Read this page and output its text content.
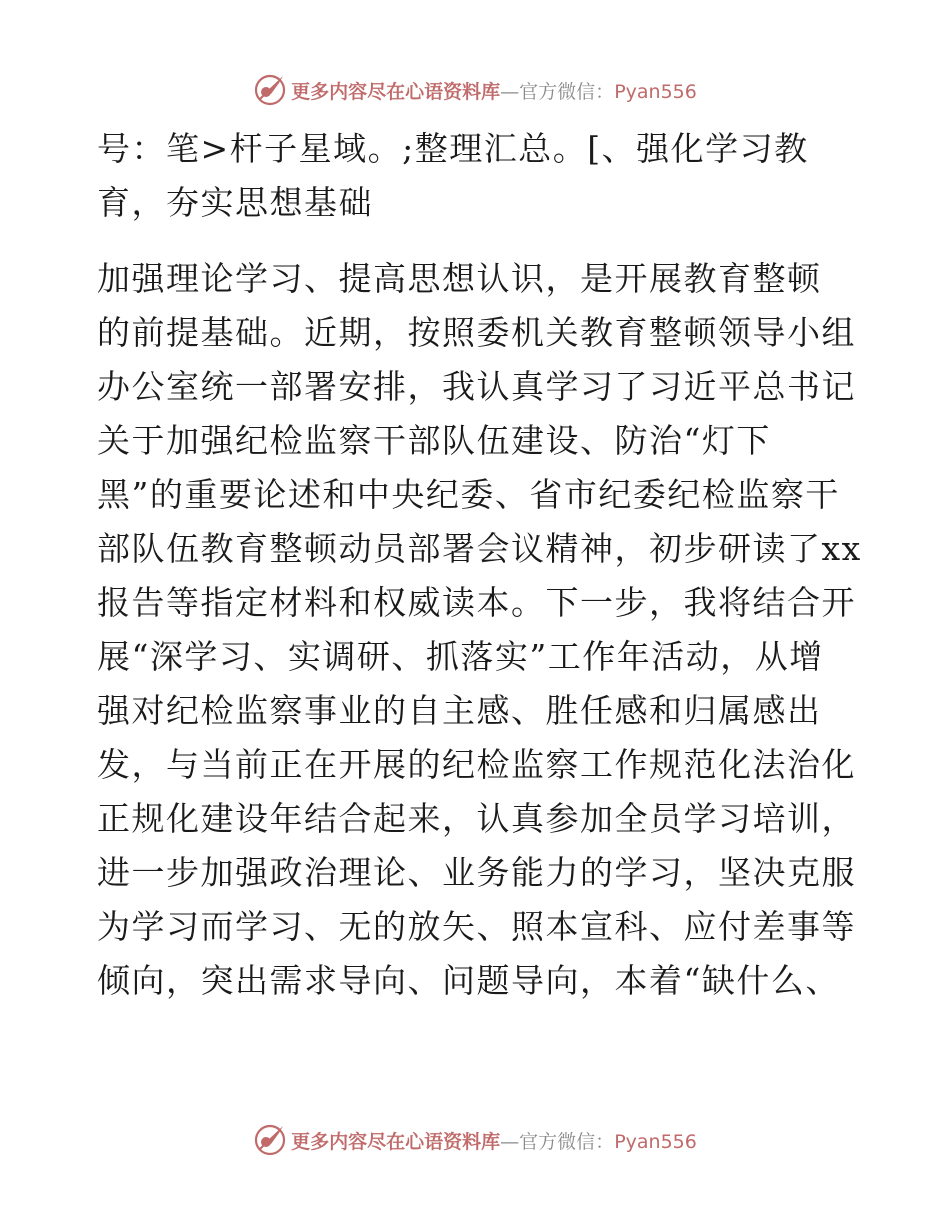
更多内容尽在心语资料库—官方微信：Pyan556
号：笔>杆子星域。;整理汇总。[、强化学习教
育，夯实思想基础
加强理论学习、提高思想认识，是开展教育整顿
的前提基础。近期，按照委机关教育整顿领导小组
办公室统一部署安排，我认真学习了习近平总书记
关于加强纪检监察干部队伍建设、防治“灯下
黑”的重要论述和中央纪委、省市纪委纪检监察干
部队伍教育整顿动员部署会议精神，初步研读了xx
报告等指定材料和权威读本。下一步，我将结合开
展“深学习、实调研、抓落实”工作年活动，从增
强对纪检监察事业的自主感、胜任感和归属感出
发，与当前正在开展的纪检监察工作规范化法治化
正规化建设年结合起来，认真参加全员学习培训，
进一步加强政治理论、业务能力的学习，坚决克服
为学习而学习、无的放矢、照本宣科、应付差事等
倾向，突出需求导向、问题导向，本着“缺什么、
更多内容尽在心语资料库—官方微信：Pyan556
